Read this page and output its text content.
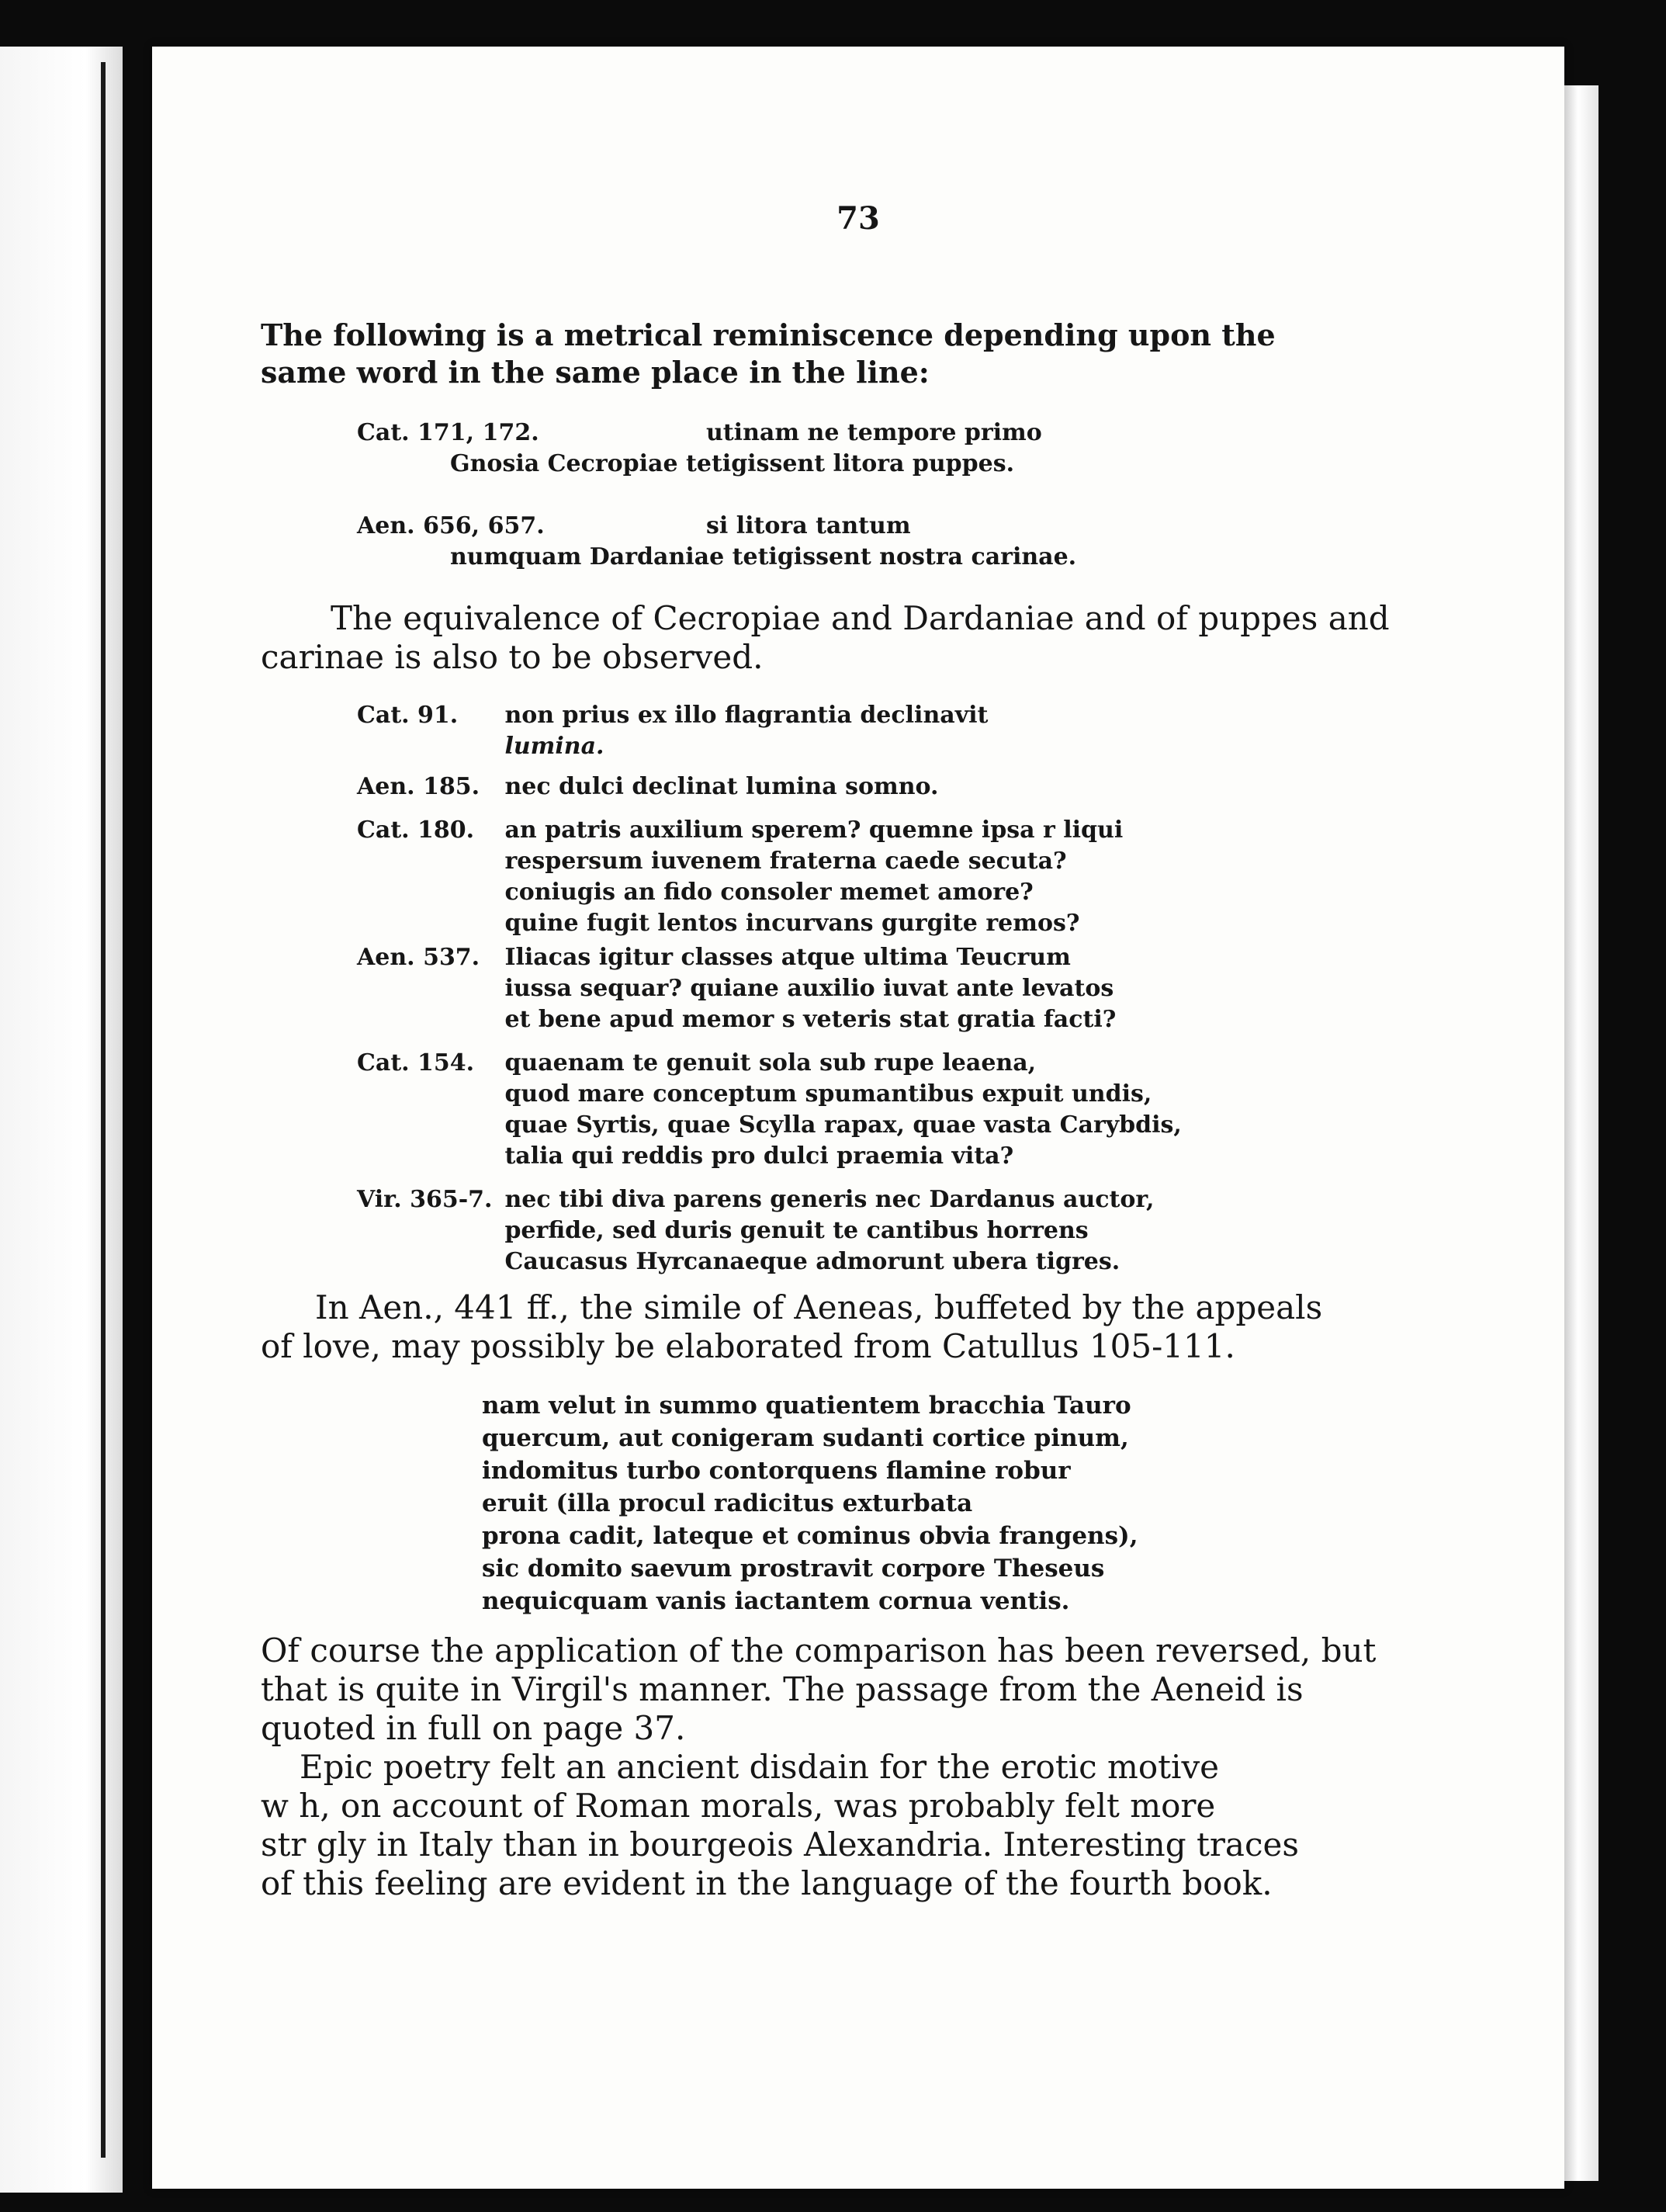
73
The following is a metrical reminiscence depending upon the
same word in the same place in the line:
Cat. 171, 172.	utinam ne tempore primo
Gnosia Cecropiae tetigissent litora puppes.
Aen. 656, 657.	si litora tantum
numquam Dardaniae tetigissent nostra carinae.
The equivalence of Cecropiae and Dardaniae and of puppes and
carinae is also to be observed.
Cat. 91. non prius ex illo flagrantia declinavit
lumina.
Aen. 185. nec dulci declinat lumina somno.
Cat. 180. an patris auxilium sperem? quemne ipsa r liqui
respersum iuvenem fraterna caede secuta?
coniugis an fido consoler memet amore?
quine fugit lentos incurvans gurgite remos?
Aen. 537. Iliacas igitur classes atque ultima Teucrum
iussa sequar? quiane auxilio iuvat ante levatos
et bene apud memor s veteris stat gratia facti?
Cat. 154. quaenam te genuit sola sub rupe leaena,
quod mare conceptum spumantibus expuit undis,
quae Syrtis, quae Scylla rapax, quae vasta Carybdis,
talia qui reddis pro dulci praemia vita?
Vir. 365-7. nec tibi diva parens generis nec Dardanus auctor,
perfide, sed duris genuit te cantibus horrens
Caucasus Hyrcanaeque admorunt ubera tigres.
In Aen., 441 ff., the simile of Aeneas, buffeted by the appeals
of love, may possibly be elaborated from Catullus 105-111.
nam velut in summo quatientem bracchia Tauro
quercum, aut conigeram sudanti cortice pinum,
indomitus turbo contorquens flamine robur
eruit (illa procul radicitus exturbata
prona cadit, lateque et cominus obvia frangens),
sic domito saevum prostravit corpore Theseus
nequicquam vanis iactantem cornua ventis.
Of course the application of the comparison has been reversed, but
that is quite in Virgil's manner. The passage from the Aeneid is
quoted in full on page 37.
Epic poetry felt an ancient disdain for the erotic motive
w h, on account of Roman morals, was probably felt more
str gly in Italy than in bourgeois Alexandria. Interesting traces
of this feeling are evident in the language of the fourth book.
